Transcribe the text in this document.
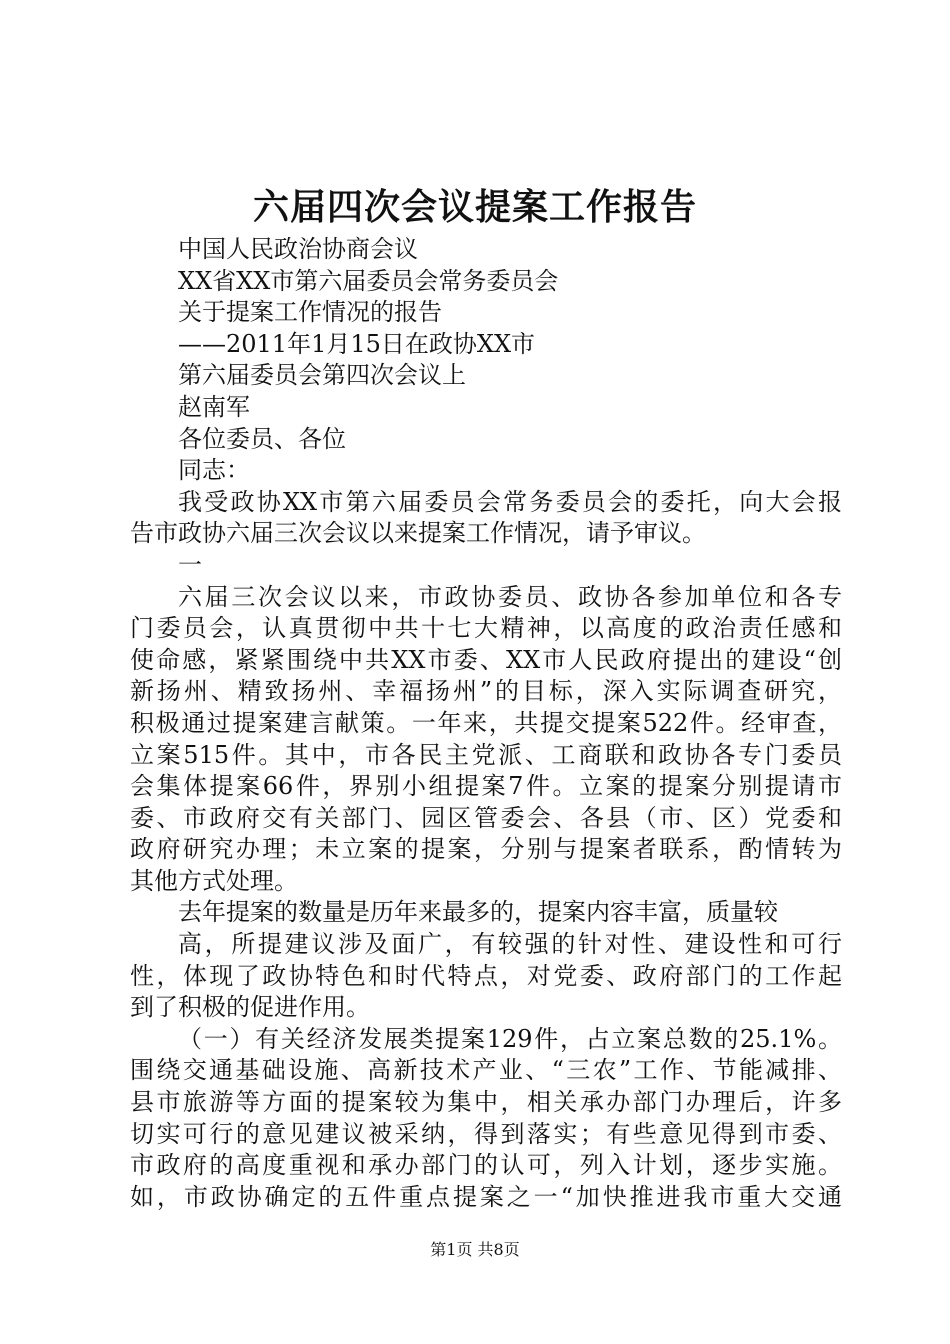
六届四次会议提案工作报告
中国人民政治协商会议
XX省XX市第六届委员会常务委员会
关于提案工作情况的报告
——2011年1月15日在政协XX市
第六届委员会第四次会议上
赵南军
各位委员、各位
同志：
我受政协XX市第六届委员会常务委员会的委托，向大会报
告市政协六届三次会议以来提案工作情况，请予审议。
一
六届三次会议以来，市政协委员、政协各参加单位和各专
门委员会，认真贯彻中共十七大精神，以高度的政治责任感和
使命感，紧紧围绕中共XX市委、XX市人民政府提出的建设“创
新扬州、精致扬州、幸福扬州”的目标，深入实际调查研究，
积极通过提案建言献策。一年来，共提交提案522件。经审查，
立案515件。其中，市各民主党派、工商联和政协各专门委员
会集体提案66件，界别小组提案7件。立案的提案分别提请市
委、市政府交有关部门、园区管委会、各县（市、区）党委和
政府研究办理；未立案的提案，分别与提案者联系，酌情转为
其他方式处理。
去年提案的数量是历年来最多的，提案内容丰富，质量较
高，所提建议涉及面广，有较强的针对性、建设性和可行
性，体现了政协特色和时代特点，对党委、政府部门的工作起
到了积极的促进作用。
（一）有关经济发展类提案129件，占立案总数的25.1%。
围绕交通基础设施、高新技术产业、“三农”工作、节能减排、
县市旅游等方面的提案较为集中，相关承办部门办理后，许多
切实可行的意见建议被采纳，得到落实；有些意见得到市委、
市政府的高度重视和承办部门的认可，列入计划，逐步实施。
如，市政协确定的五件重点提案之一“加快推进我市重大交通
第1页 共8页
